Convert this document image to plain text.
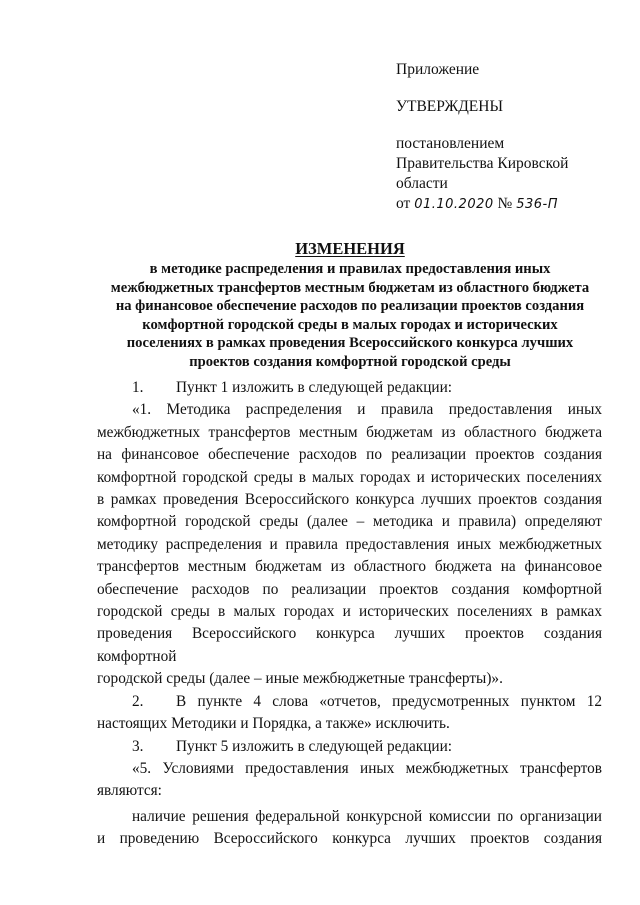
Приложение
УТВЕРЖДЕНЫ
постановлением
Правительства Кировской
области
от 01.10.2020 № 536-П
ИЗМЕНЕНИЯ
в методике распределения и правилах предоставления иных
межбюджетных трансфертов местным бюджетам из областного бюджета
на финансовое обеспечение расходов по реализации проектов создания
комфортной городской среды в малых городах и исторических
поселениях в рамках проведения Всероссийского конкурса лучших
проектов создания комфортной городской среды
1. Пункт 1 изложить в следующей редакции:
«1. Методика распределения и правила предоставления иных
межбюджетных трансфертов местным бюджетам из областного бюджета
на финансовое обеспечение расходов по реализации проектов создания
комфортной городской среды в малых городах и исторических поселениях
в рамках проведения Всероссийского конкурса лучших проектов создания
комфортной городской среды (далее – методика и правила) определяют
методику распределения и правила предоставления иных межбюджетных
трансфертов местным бюджетам из областного бюджета на финансовое
обеспечение расходов по реализации проектов создания комфортной
городской среды в малых городах и исторических поселениях в рамках
проведения Всероссийского конкурса лучших проектов создания комфортной
городской среды (далее – иные межбюджетные трансферты)».
2. В пункте 4 слова «отчетов, предусмотренных пунктом 12
настоящих Методики и Порядка, а также» исключить.
3. Пункт 5 изложить в следующей редакции:
«5. Условиями предоставления иных межбюджетных трансфертов
являются:
наличие решения федеральной конкурсной комиссии по организации
и проведению Всероссийского конкурса лучших проектов создания
